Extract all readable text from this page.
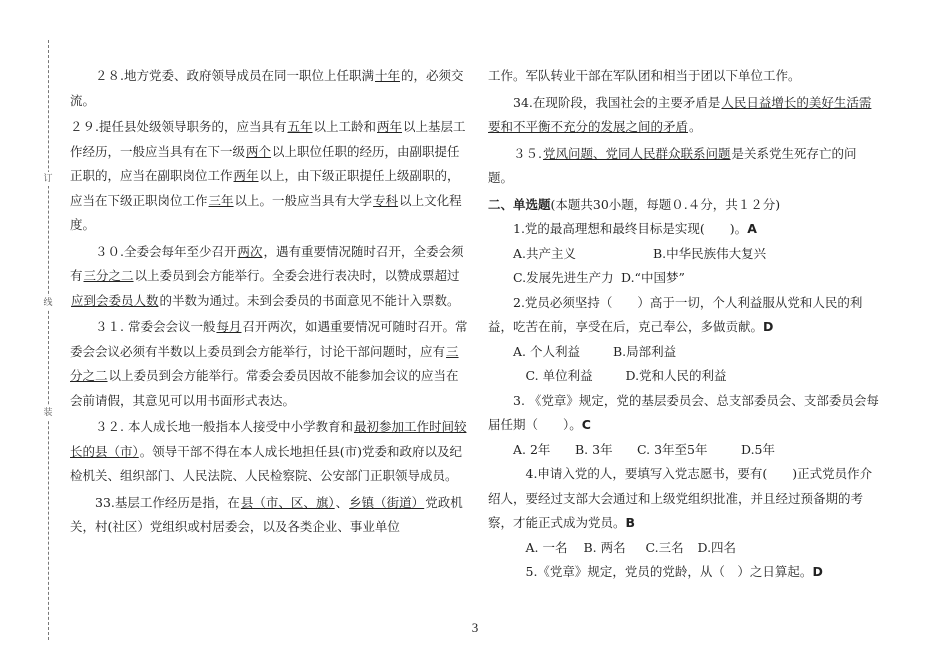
订
线
装

２８.地方党委、政府领导成员在同一职位上任职满十年的，必须交流。

２９.提任县处级领导职务的，应当具有五年以上工龄和两年以上基层工作经历，一般应当具有在下一级两个以上职位任职的经历，由副职提任正职的，应当在副职岗位工作两年以上，由下级正职提任上级副职的，应当在下级正职岗位工作三年以上。一般应当具有大学专科以上文化程度。

３０.全委会每年至少召开两次，遇有重要情况随时召开，全委会须有三分之二以上委员到会方能举行。全委会进行表决时，以赞成票超过应到会委员人数的半数为通过。未到会委员的书面意见不能计入票数。

３１. 常委会会议一般每月召开两次，如遇重要情况可随时召开。常委会会议必须有半数以上委员到会方能举行，讨论干部问题时，应有三分之二以上委员到会方能举行。常委会委员因故不能参加会议的应当在会前请假，其意见可以用书面形式表达。

３２. 本人成长地一般指本人接受中小学教育和最初参加工作时间较长的县（市）。领导干部不得在本人成长地担任县(市)党委和政府以及纪检机关、组织部门、人民法院、人民检察院、公安部门正职领导成员。

33.基层工作经历是指，在县（市、区、旗）、乡镇（街道）党政机关，村(社区）党组织或村居委会，以及各类企业、事业单位

工作。军队转业干部在军队团和相当于团以下单位工作。

34.在现阶段，我国社会的主要矛盾是人民日益增长的美好生活需要和不平衡不充分的发展之间的矛盾。

３５.党风问题、党同人民群众联系问题是关系党生死存亡的问题。

二、单选题(本题共30小题，每题０.４分，共１２分)

1.党的最高理想和最终目标是实现(　　)。A

A.共产主义	B.中华民族伟大复兴

C.发展先进生产力 D.“中国梦”

2.党员必须坚持（　　）高于一切，个人利益服从党和人民的利益，吃苦在前，享受在后，克己奉公，多做贡献。D

A. 个人利益	B.局部利益

C. 单位利益	D.党和人民的利益

3. 《党章》规定，党的基层委员会、总支部委员会、支部委员会每届任期（　　）。C

A. 2年 B. 3年 C. 3年至5年	D.5年

4.申请入党的人，要填写入党志愿书，要有(　　)正式党员作介绍人，要经过支部大会通过和上级党组织批准，并且经过预备期的考察，才能正式成为党员。B

A. 一名 B. 两名 C.三名 D.四名

5.《党章》规定，党员的党龄，从（　）之日算起。D

3
